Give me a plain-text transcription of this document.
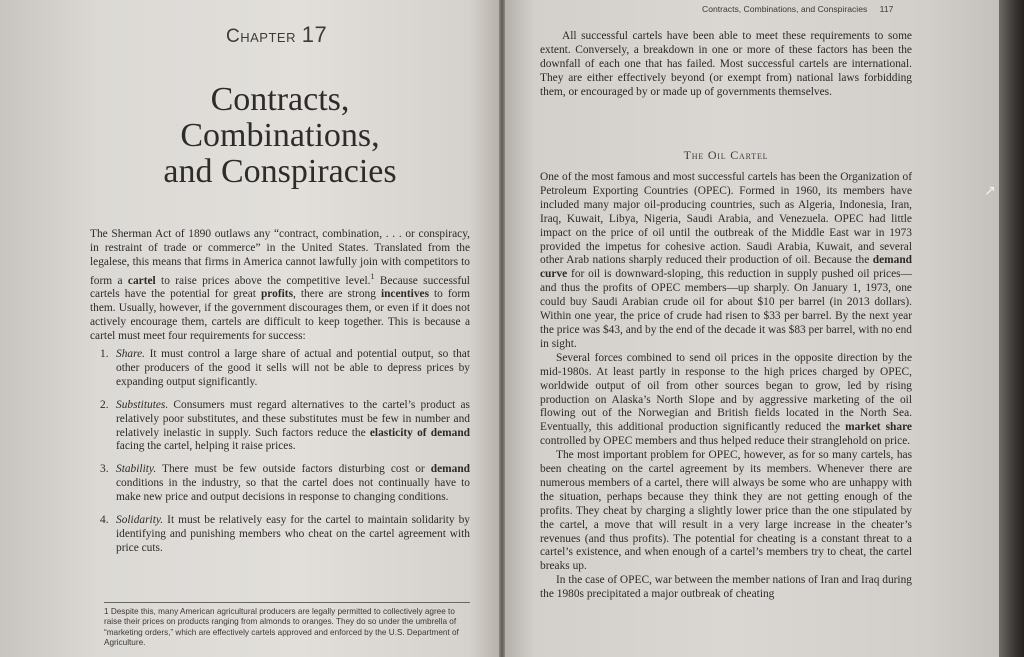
Chapter 17
Contracts,
Combinations,
and Conspiracies

The Sherman Act of 1890 outlaws any “contract, combination, . . . or conspiracy, in restraint of trade or commerce” in the United States. Translated from the legalese, this means that firms in America cannot lawfully join with competitors to form a cartel to raise prices above the competitive level.$^1$ Because successful cartels have the potential for great profits, there are strong incentives to form them. Usually, however, if the government discourages them, or even if it does not actively encourage them, cartels are difficult to keep together. This is because a cartel must meet four requirements for success:

1. Share. It must control a large share of actual and potential output, so that other producers of the good it sells will not be able to depress prices by expanding output significantly.
2. Substitutes. Consumers must regard alternatives to the cartel’s product as relatively poor substitutes, and these substitutes must be few in number and relatively inelastic in supply. Such factors reduce the elasticity of demand facing the cartel, helping it raise prices.
3. Stability. There must be few outside factors disturbing cost or demand conditions in the industry, so that the cartel does not continually have to make new price and output decisions in response to changing conditions.
4. Solidarity. It must be relatively easy for the cartel to maintain solidarity by identifying and punishing members who cheat on the cartel agreement with price cuts.
1 Despite this, many American agricultural producers are legally permitted to collectively agree to raise their prices on products ranging from almonds to oranges. They do so under the umbrella of “marketing orders,” which are effectively cartels approved and enforced by the U.S. Department of Agriculture.
Contracts, Combinations, and Conspiracies 117
All successful cartels have been able to meet these requirements to some extent. Conversely, a breakdown in one or more of these factors has been the downfall of each one that has failed. Most successful cartels are international. They are either effectively beyond (or exempt from) national laws forbidding them, or encouraged by or made up of governments themselves.
The Oil Cartel

One of the most famous and most successful cartels has been the Organization of Petroleum Exporting Countries (OPEC). Formed in 1960, its members have included many major oil-producing countries, such as Algeria, Indonesia, Iran, Iraq, Kuwait, Libya, Nigeria, Saudi Arabia, and Venezuela. OPEC had little impact on the price of oil until the outbreak of the Middle East war in 1973 provided the impetus for cohesive action. Saudi Arabia, Kuwait, and several other Arab nations sharply reduced their production of oil. Because the demand curve for oil is downward-sloping, this reduction in supply pushed oil prices—and thus the profits of OPEC members—up sharply. On January 1, 1973, one could buy Saudi Arabian crude oil for about $10 per barrel (in 2013 dollars). Within one year, the price of crude had risen to $33 per barrel. By the next year the price was $43, and by the end of the decade it was $83 per barrel, with no end in sight.

Several forces combined to send oil prices in the opposite direction by the mid-1980s. At least partly in response to the high prices charged by OPEC, worldwide output of oil from other sources began to grow, led by rising production on Alaska’s North Slope and by aggressive marketing of the oil flowing out of the Norwegian and British fields located in the North Sea. Eventually, this additional production significantly reduced the market share controlled by OPEC members and thus helped reduce their stranglehold on price.

The most important problem for OPEC, however, as for so many cartels, has been cheating on the cartel agreement by its members. Whenever there are numerous members of a cartel, there will always be some who are unhappy with the situation, perhaps because they think they are not getting enough of the profits. They cheat by charging a slightly lower price than the one stipulated by the cartel, a move that will result in a very large increase in the cheater’s revenues (and thus profits). The potential for cheating is a constant threat to a cartel’s existence, and when enough of a cartel’s members try to cheat, the cartel breaks up.

In the case of OPEC, war between the member nations of Iran and Iraq during the 1980s precipitated a major outbreak of cheating

↗
